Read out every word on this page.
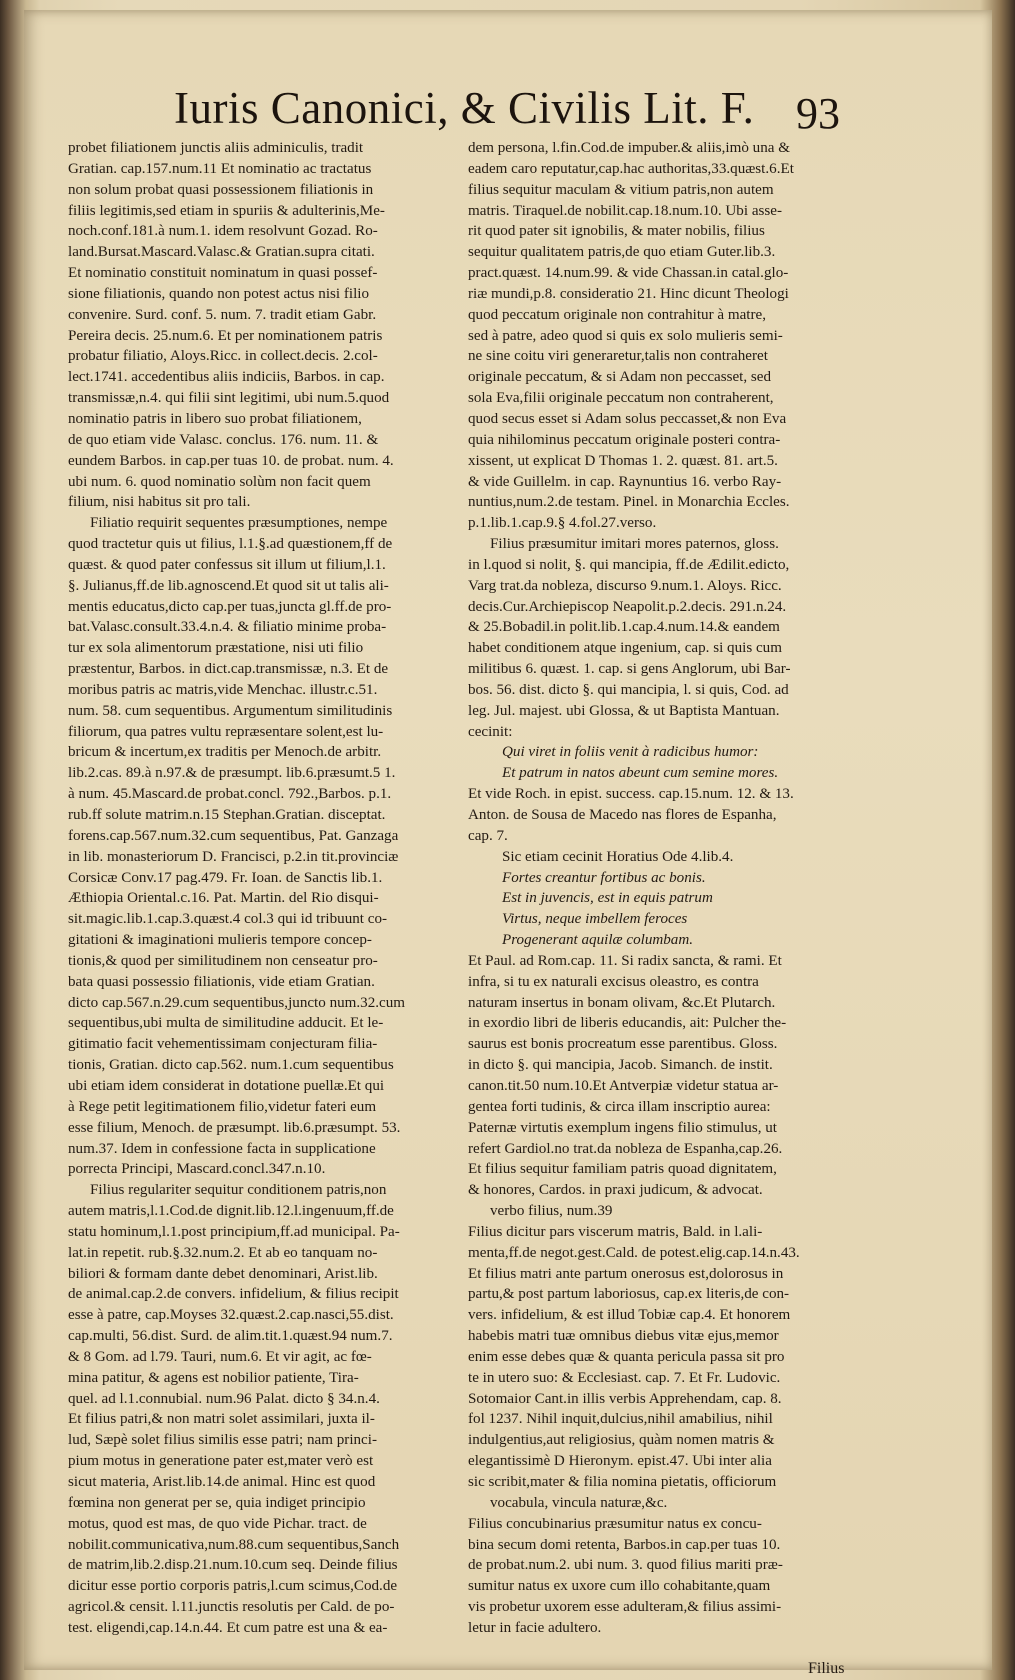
Iuris Canonici, & Civilis Lit. F. 93
probet filiationem junctis aliis adminiculis, tradit
Gratian. cap.157.num.11 Et nominatio ac tractatus
non solum probat quasi possessionem filiationis in
filiis legitimis,sed etiam in spuriis & adulterinis,Me-
noch.conf.181.à num.1. idem resolvunt Gozad. Ro-
land.Bursat.Mascard.Valasc.& Gratian.supra citati.
Et nominatio constituit nominatum in quasi possef-
sione filiationis, quando non potest actus nisi filio
convenire. Surd. conf. 5. num. 7. tradit etiam Gabr.
Pereira decis. 25.num.6. Et per nominationem patris
probatur filiatio, Aloys.Ricc. in collect.decis. 2.col-
lect.1741. accedentibus aliis indiciis, Barbos. in cap.
transmissæ,n.4. qui filii sint legitimi, ubi num.5.quod
nominatio patris in libero suo probat filiationem,
de quo etiam vide Valasc. conclus. 176. num. 11. &
eundem Barbos. in cap.per tuas 10. de probat. num. 4.
ubi num. 6. quod nominatio solùm non facit quem
filium, nisi habitus sit pro tali.
Filiatio requirit sequentes præsumptiones, nempe
quod tractetur quis ut filius, l.1.§.ad quæstionem,ff de
quæst. & quod pater confessus sit illum ut filium,l.1.
§. Julianus,ff.de lib.agnoscend.Et quod sit ut talis ali-
mentis educatus,dicto cap.per tuas,juncta gl.ff.de pro-
bat.Valasc.consult.33.4.n.4. & filiatio minime proba-
tur ex sola alimentorum præstatione, nisi uti filio
præstentur, Barbos. in dict.cap.transmissæ, n.3. Et de
moribus patris ac matris,vide Menchac. illustr.c.51.
num. 58. cum sequentibus. Argumentum similitudinis
filiorum, qua patres vultu repræsentare solent,est lu-
bricum & incertum,ex traditis per Menoch.de arbitr.
lib.2.cas. 89.à n.97.& de præsumpt. lib.6.præsumt.5 1.
à num. 45.Mascard.de probat.concl. 792.,Barbos. p.1.
rub.ff solute matrim.n.15 Stephan.Gratian. disceptat.
forens.cap.567.num.32.cum sequentibus, Pat. Ganzaga
in lib. monasteriorum D. Francisci, p.2.in tit.provinciæ
Corsicæ Conv.17 pag.479. Fr. Ioan. de Sanctis lib.1.
Æthiopia Oriental.c.16. Pat. Martin. del Rio disqui-
sit.magic.lib.1.cap.3.quæst.4 col.3 qui id tribuunt co-
gitationi & imaginationi mulieris tempore concep-
tionis,& quod per similitudinem non censeatur pro-
bata quasi possessio filiationis, vide etiam Gratian.
dicto cap.567.n.29.cum sequentibus,juncto num.32.cum
sequentibus,ubi multa de similitudine adducit. Et le-
gitimatio facit vehementissimam conjecturam filia-
tionis, Gratian. dicto cap.562. num.1.cum sequentibus
ubi etiam idem considerat in dotatione puellæ.Et qui
à Rege petit legitimationem filio,videtur fateri eum
esse filium, Menoch. de præsumpt. lib.6.præsumpt. 53.
num.37. Idem in confessione facta in supplicatione
porrecta Principi, Mascard.concl.347.n.10.
Filius regulariter sequitur conditionem patris,non
autem matris,l.1.Cod.de dignit.lib.12.l.ingenuum,ff.de
statu hominum,l.1.post principium,ff.ad municipal. Pa-
lat.in repetit. rub.§.32.num.2. Et ab eo tanquam no-
biliori & formam dante debet denominari, Arist.lib.
de animal.cap.2.de convers. infidelium, & filius recipit
esse à patre, cap.Moyses 32.quæst.2.cap.nasci,55.dist.
cap.multi, 56.dist. Surd. de alim.tit.1.quæst.94 num.7.
& 8 Gom. ad l.79. Tauri, num.6. Et vir agit, ac fœ-
mina patitur, & agens est nobilior patiente, Tira-
quel. ad l.1.connubial. num.96 Palat. dicto § 34.n.4.
Et filius patri,& non matri solet assimilari, juxta il-
lud, Sæpè solet filius similis esse patri; nam princi-
pium motus in generatione pater est,mater verò est
sicut materia, Arist.lib.14.de animal. Hinc est quod
fœmina non generat per se, quia indiget principio
motus, quod est mas, de quo vide Pichar. tract. de
nobilit.communicativa,num.88.cum sequentibus,Sanch
de matrim,lib.2.disp.21.num.10.cum seq. Deinde filius
dicitur esse portio corporis patris,l.cum scimus,Cod.de
agricol.& censit. l.11.junctis resolutis per Cald. de po-
test. eligendi,cap.14.n.44. Et cum patre est una & ea-
dem persona, l.fin.Cod.de impuber.& aliis,imò una &
eadem caro reputatur,cap.hac authoritas,33.quæst.6.Et
filius sequitur maculam & vitium patris,non autem
matris. Tiraquel.de nobilit.cap.18.num.10. Ubi asse-
rit quod pater sit ignobilis, & mater nobilis, filius
sequitur qualitatem patris,de quo etiam Guter.lib.3.
pract.quæst. 14.num.99. & vide Chassan.in catal.glo-
riæ mundi,p.8. consideratio 21. Hinc dicunt Theologi
quod peccatum originale non contrahitur à matre,
sed à patre, adeo quod si quis ex solo mulieris semi-
ne sine coitu viri generaretur,talis non contraheret
originale peccatum, & si Adam non peccasset, sed
sola Eva,filii originale peccatum non contraherent,
quod secus esset si Adam solus peccasset,& non Eva
quia nihilominus peccatum originale posteri contra-
xissent, ut explicat D Thomas 1. 2. quæst. 81. art.5.
& vide Guillelm. in cap. Raynuntius 16. verbo Ray-
nuntius,num.2.de testam. Pinel. in Monarchia Eccles.
p.1.lib.1.cap.9.§ 4.fol.27.verso.
Filius præsumitur imitari mores paternos, gloss.
in l.quod si nolit, §. qui mancipia, ff.de Ædilit.edicto,
Varg trat.da nobleza, discurso 9.num.1. Aloys. Ricc.
decis.Cur.Archiepiscop Neapolit.p.2.decis. 291.n.24.
& 25.Bobadil.in polit.lib.1.cap.4.num.14.& eandem
habet conditionem atque ingenium, cap. si quis cum
militibus 6. quæst. 1. cap. si gens Anglorum, ubi Bar-
bos. 56. dist. dicto §. qui mancipia, l. si quis, Cod. ad
leg. Jul. majest. ubi Glossa, & ut Baptista Mantuan.
cecinit:
Qui viret in foliis venit à radicibus humor:
Et patrum in natos abeunt cum semine mores.
Et vide Roch. in epist. success. cap.15.num. 12. & 13.
Anton. de Sousa de Macedo nas flores de Espanha,
cap. 7.
Sic etiam cecinit Horatius Ode 4.lib.4.
Fortes creantur fortibus ac bonis.
Est in juvencis, est in equis patrum
Virtus, neque imbellem feroces
Progenerant aquilæ columbam.
Et Paul. ad Rom.cap. 11. Si radix sancta, & rami. Et
infra, si tu ex naturali excisus oleastro, es contra
naturam insertus in bonam olivam, &c.Et Plutarch.
in exordio libri de liberis educandis, ait: Pulcher the-
saurus est bonis procreatum esse parentibus. Gloss.
in dicto §. qui mancipia, Jacob. Simanch. de instit.
canon.tit.50 num.10.Et Antverpiæ videtur statua ar-
gentea forti tudinis, & circa illam inscriptio aurea:
Paternæ virtutis exemplum ingens filio stimulus, ut
refert Gardiol.no trat.da nobleza de Espanha,cap.26.
Et filius sequitur familiam patris quoad dignitatem,
& honores, Cardos. in praxi judicum, & advocat.
verbo filius, num.39
Filius dicitur pars viscerum matris, Bald. in l.ali-
menta,ff.de negot.gest.Cald. de potest.elig.cap.14.n.43.
Et filius matri ante partum onerosus est,dolorosus in
partu,& post partum laboriosus, cap.ex literis,de con-
vers. infidelium, & est illud Tobiæ cap.4. Et honorem
habebis matri tuæ omnibus diebus vitæ ejus,memor
enim esse debes quæ & quanta pericula passa sit pro
te in utero suo: & Ecclesiast. cap. 7. Et Fr. Ludovic.
Sotomaior Cant.in illis verbis Apprehendam, cap. 8.
fol 1237. Nihil inquit,dulcius,nihil amabilius, nihil
indulgentius,aut religiosius, quàm nomen matris &
elegantissimè D Hieronym. epist.47. Ubi inter alia
sic scribit,mater & filia nomina pietatis, officiorum
vocabula, vincula naturæ,&c.
Filius concubinarius præsumitur natus ex concu-
bina secum domi retenta, Barbos.in cap.per tuas 10.
de probat.num.2. ubi num. 3. quod filius mariti præ-
sumitur natus ex uxore cum illo cohabitante,quam
vis probetur uxorem esse adulteram,& filius assimi-
letur in facie adultero.
Filius
